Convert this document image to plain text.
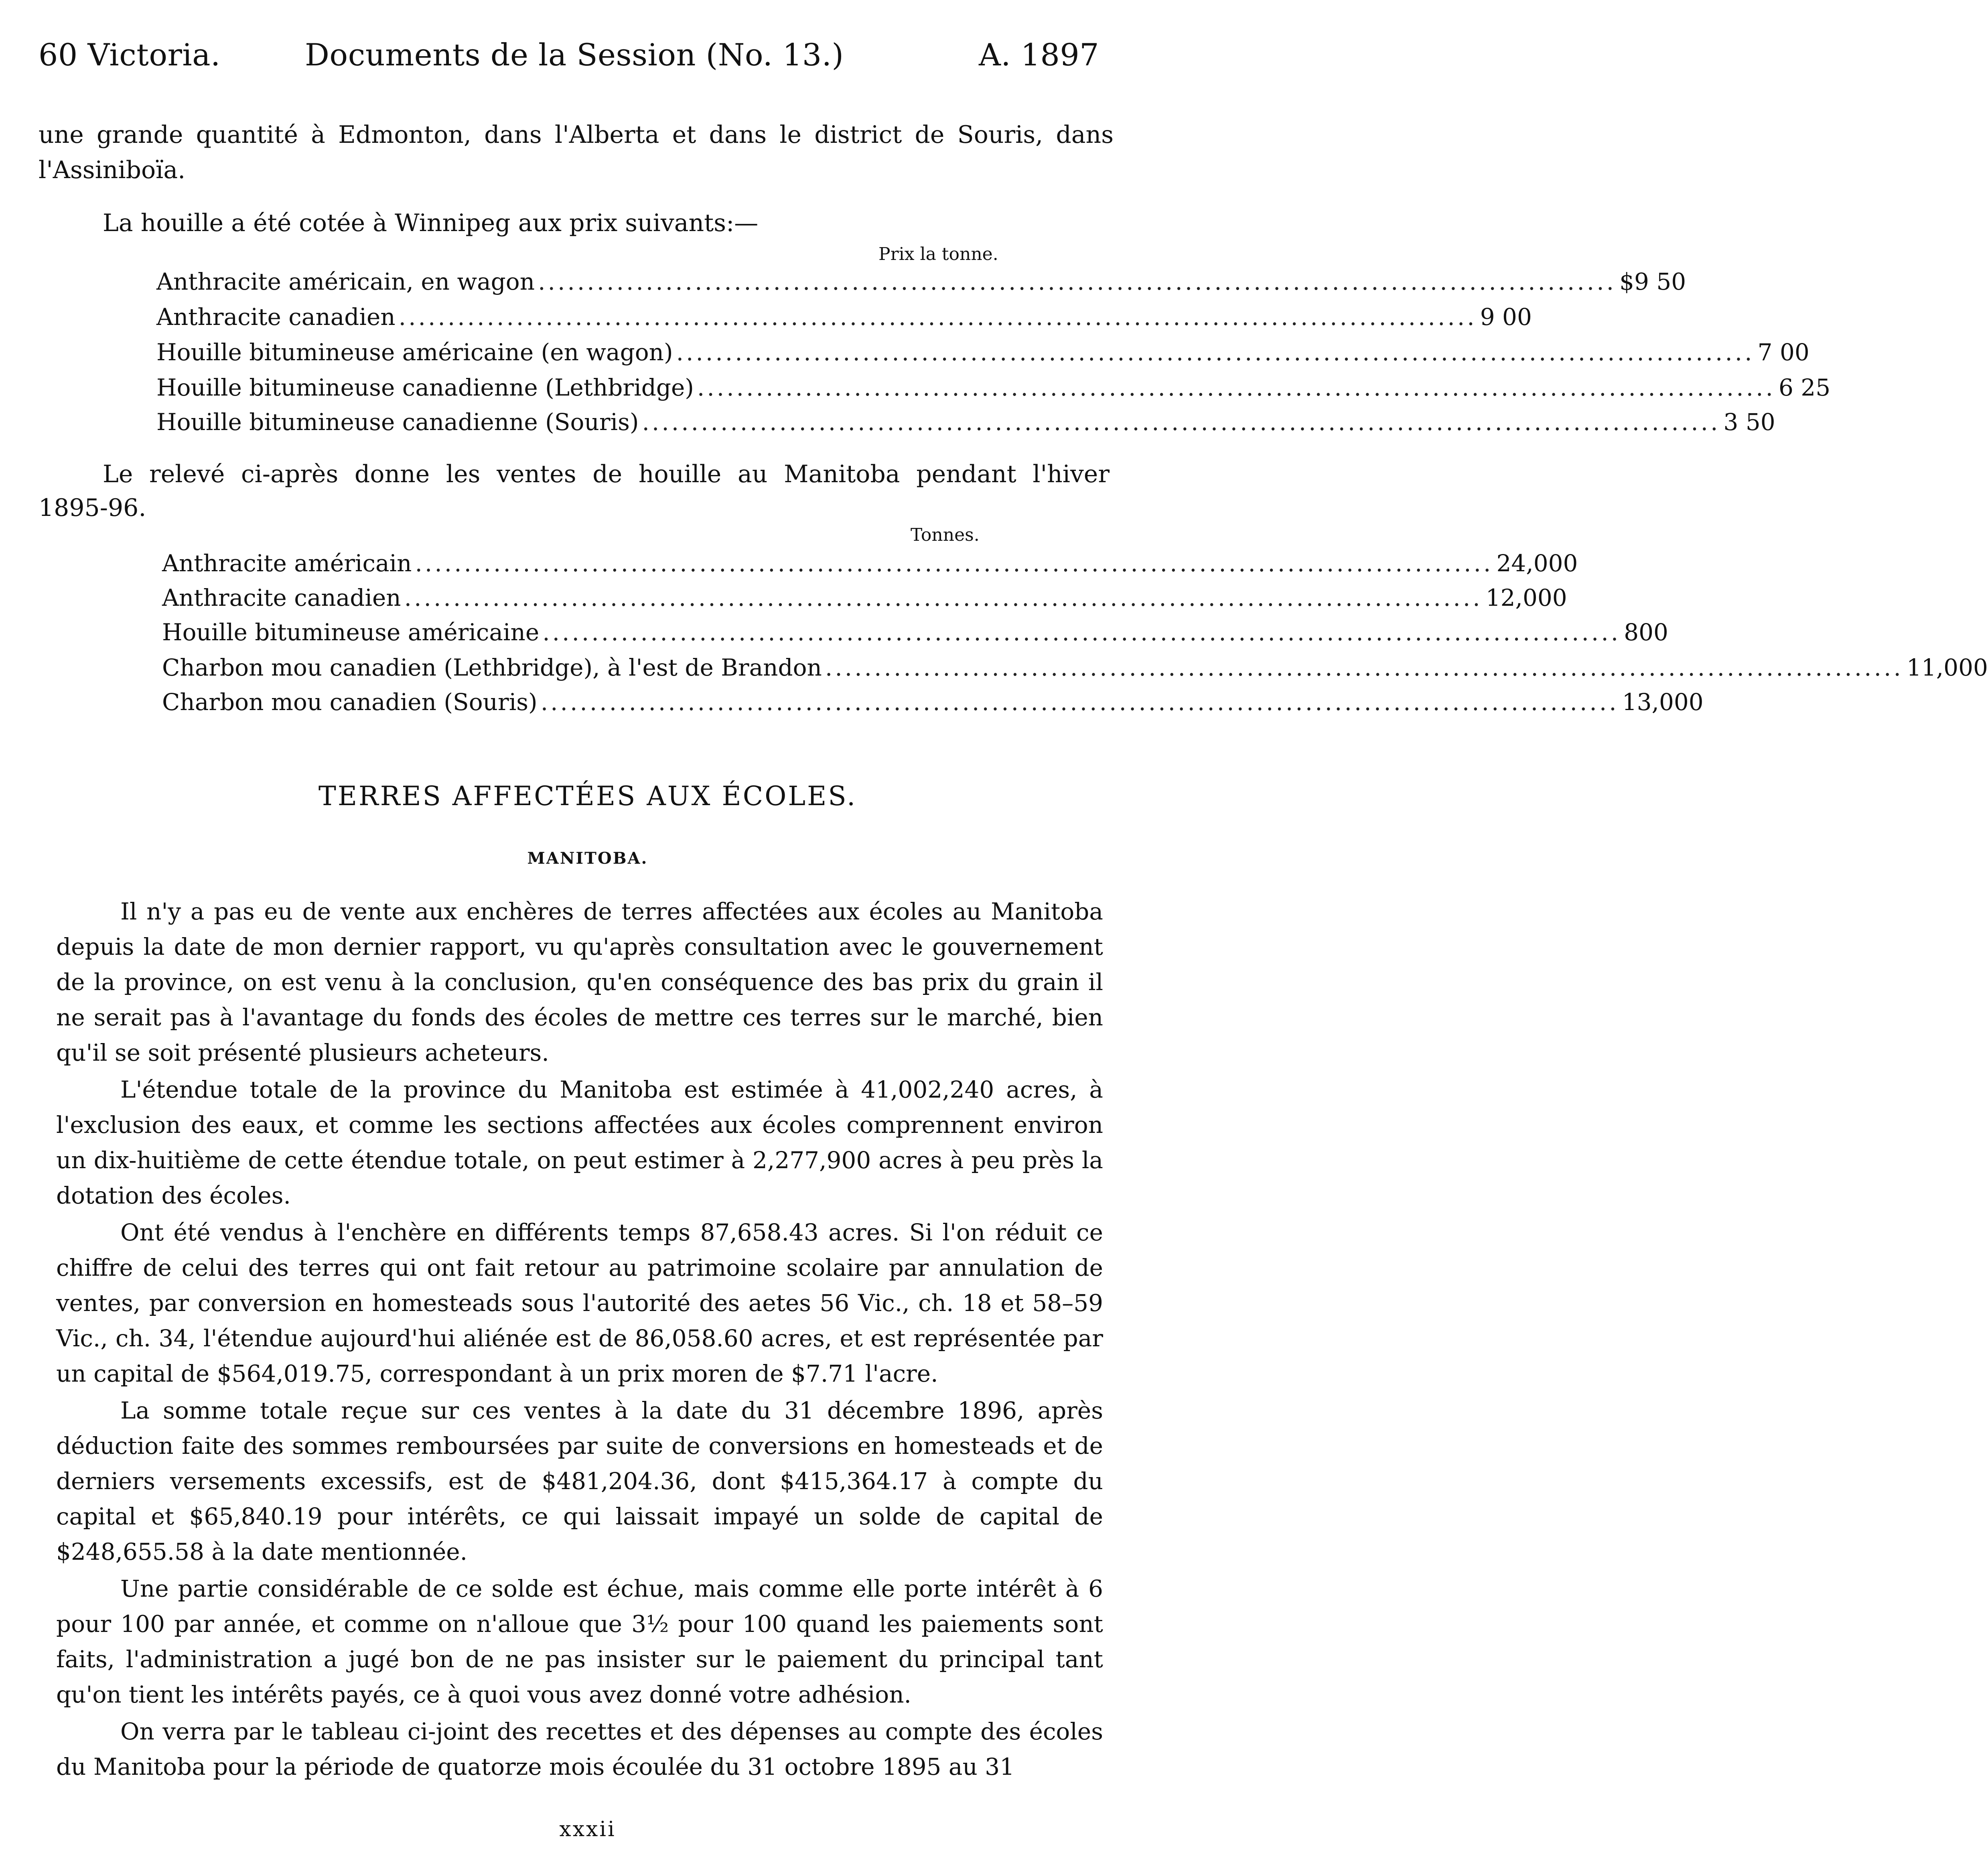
60 Victoria.	Documents de la Session (No. 13.)	A. 1897
une grande quantité à Edmonton, dans l'Alberta et dans le district de Souris, dans
l'Assiniboïa.
La houille a été cotée à Winnipeg aux prix suivants:—
Prix la tonne.
Anthracite américain, en wagon .............................................................................................................. $9 50
Anthracite canadien .............................................................................................................. 9 00
Houille bitumineuse américaine (en wagon) .............................................................................................................. 7 00
Houille bitumineuse canadienne (Lethbridge) .............................................................................................................. 6 25
Houille bitumineuse canadienne (Souris) .............................................................................................................. 3 50
Le relevé ci-après donne les ventes de houille au Manitoba pendant l'hiver
1895-96.
Tonnes.
Anthracite américain .............................................................................................................. 24,000
Anthracite canadien .............................................................................................................. 12,000
Houille bitumineuse américaine .............................................................................................................. 800
Charbon mou canadien (Lethbridge), à l'est de Brandon .............................................................................................................. 11,000
Charbon mou canadien (Souris) .............................................................................................................. 13,000
TERRES AFFECTÉES AUX ÉCOLES.
MANITOBA.

Il n'y a pas eu de vente aux enchères de terres affectées aux écoles au Manitoba depuis la date de mon dernier rapport, vu qu'après consultation avec le gouvernement de la province, on est venu à la conclusion, qu'en conséquence des bas prix du grain il ne serait pas à l'avantage du fonds des écoles de mettre ces terres sur le marché, bien qu'il se soit présenté plusieurs acheteurs.

L'étendue totale de la province du Manitoba est estimée à 41,002,240 acres, à l'exclusion des eaux, et comme les sections affectées aux écoles comprennent environ un dix-huitième de cette étendue totale, on peut estimer à 2,277,900 acres à peu près la dotation des écoles.

Ont été vendus à l'enchère en différents temps 87,658.43 acres. Si l'on réduit ce chiffre de celui des terres qui ont fait retour au patrimoine scolaire par annulation de ventes, par conversion en homesteads sous l'autorité des aetes 56 Vic., ch. 18 et 58–59 Vic., ch. 34, l'étendue aujourd'hui aliénée est de 86,058.60 acres, et est représentée par un capital de $564,019.75, correspondant à un prix moren de $7.71 l'acre.

La somme totale reçue sur ces ventes à la date du 31 décembre 1896, après déduction faite des sommes remboursées par suite de conversions en homesteads et de derniers versements excessifs, est de $481,204.36, dont $415,364.17 à compte du capital et $65,840.19 pour intérêts, ce qui laissait impayé un solde de capital de $248,655.58 à la date mentionnée.

Une partie considérable de ce solde est échue, mais comme elle porte intérêt à 6 pour 100 par année, et comme on n'alloue que 3½ pour 100 quand les paiements sont faits, l'administration a jugé bon de ne pas insister sur le paiement du principal tant qu'on tient les intérêts payés, ce à quoi vous avez donné votre adhésion.

On verra par le tableau ci-joint des recettes et des dépenses au compte des écoles du Manitoba pour la période de quatorze mois écoulée du 31 octobre 1895 au 31

xxxii
